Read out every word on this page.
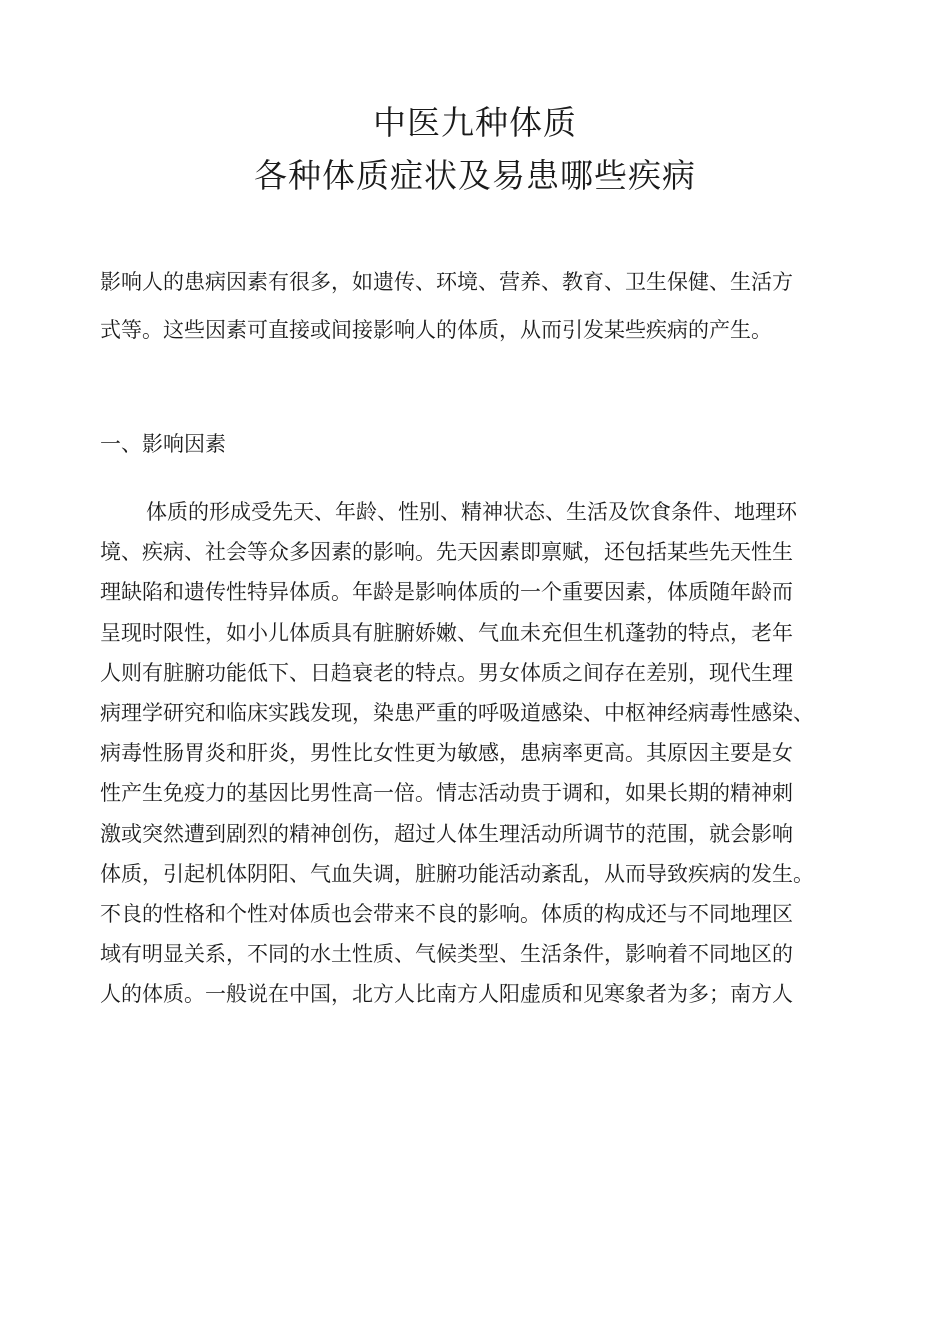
中医九种体质
各种体质症状及易患哪些疾病

影响人的患病因素有很多，如遗传、环境、营养、教育、卫生保健、生活方
式等。这些因素可直接或间接影响人的体质，从而引发某些疾病的产生。

一、影响因素

体质的形成受先天、年龄、性别、精神状态、生活及饮食条件、地理环
境、疾病、社会等众多因素的影响。先天因素即禀赋，还包括某些先天性生
理缺陷和遗传性特异体质。年龄是影响体质的一个重要因素，体质随年龄而
呈现时限性，如小儿体质具有脏腑娇嫩、气血未充但生机蓬勃的特点，老年
人则有脏腑功能低下、日趋衰老的特点。男女体质之间存在差别，现代生理
病理学研究和临床实践发现，染患严重的呼吸道感染、中枢神经病毒性感染、
病毒性肠胃炎和肝炎，男性比女性更为敏感，患病率更高。其原因主要是女
性产生免疫力的基因比男性高一倍。情志活动贵于调和，如果长期的精神刺
激或突然遭到剧烈的精神创伤，超过人体生理活动所调节的范围，就会影响
体质，引起机体阴阳、气血失调，脏腑功能活动紊乱，从而导致疾病的发生。
不良的性格和个性对体质也会带来不良的影响。体质的构成还与不同地理区
域有明显关系，不同的水土性质、气候类型、生活条件，影响着不同地区的
人的体质。一般说在中国，北方人比南方人阳虚质和见寒象者为多；南方人
